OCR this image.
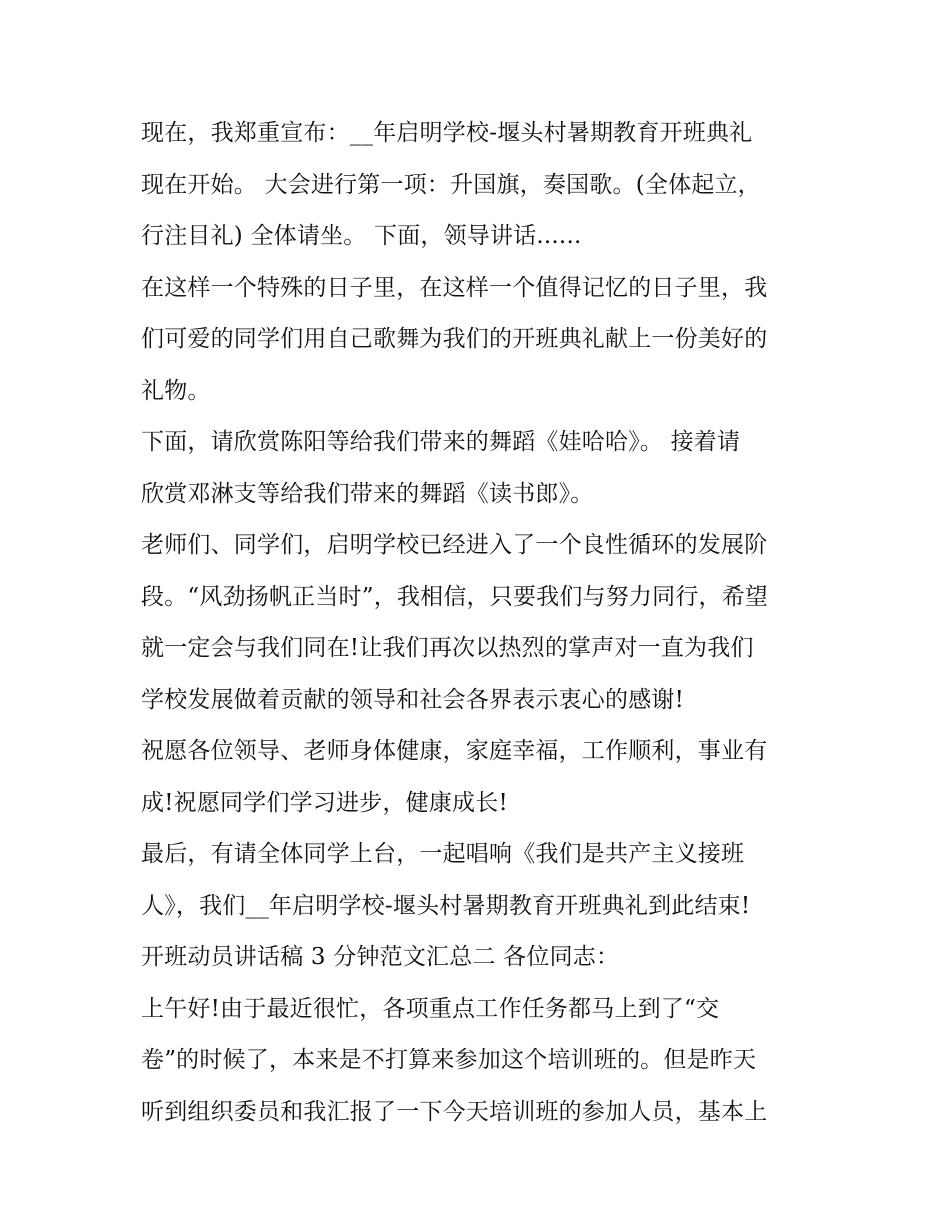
现在，我郑重宣布：__年启明学校-堰头村暑期教育开班典礼
现在开始。 大会进行第一项：升国旗，奏国歌。(全体起立，
行注目礼) 全体请坐。 下面，领导讲话......
在这样一个特殊的日子里，在这样一个值得记忆的日子里，我
们可爱的同学们用自己歌舞为我们的开班典礼献上一份美好的
礼物。
下面，请欣赏陈阳等给我们带来的舞蹈《娃哈哈》。 接着请
欣赏邓淋支等给我们带来的舞蹈《读书郎》。
老师们、同学们，启明学校已经进入了一个良性循环的发展阶
段。“风劲扬帆正当时”，我相信，只要我们与努力同行，希望
就一定会与我们同在!让我们再次以热烈的掌声对一直为我们
学校发展做着贡献的领导和社会各界表示衷心的感谢!
祝愿各位领导、老师身体健康，家庭幸福，工作顺利，事业有
成!祝愿同学们学习进步，健康成长!
最后，有请全体同学上台，一起唱响《我们是共产主义接班
人》，我们__年启明学校-堰头村暑期教育开班典礼到此结束!
开班动员讲话稿 3 分钟范文汇总二 各位同志：
上午好!由于最近很忙，各项重点工作任务都马上到了“交
卷”的时候了，本来是不打算来参加这个培训班的。但是昨天
听到组织委员和我汇报了一下今天培训班的参加人员，基本上
